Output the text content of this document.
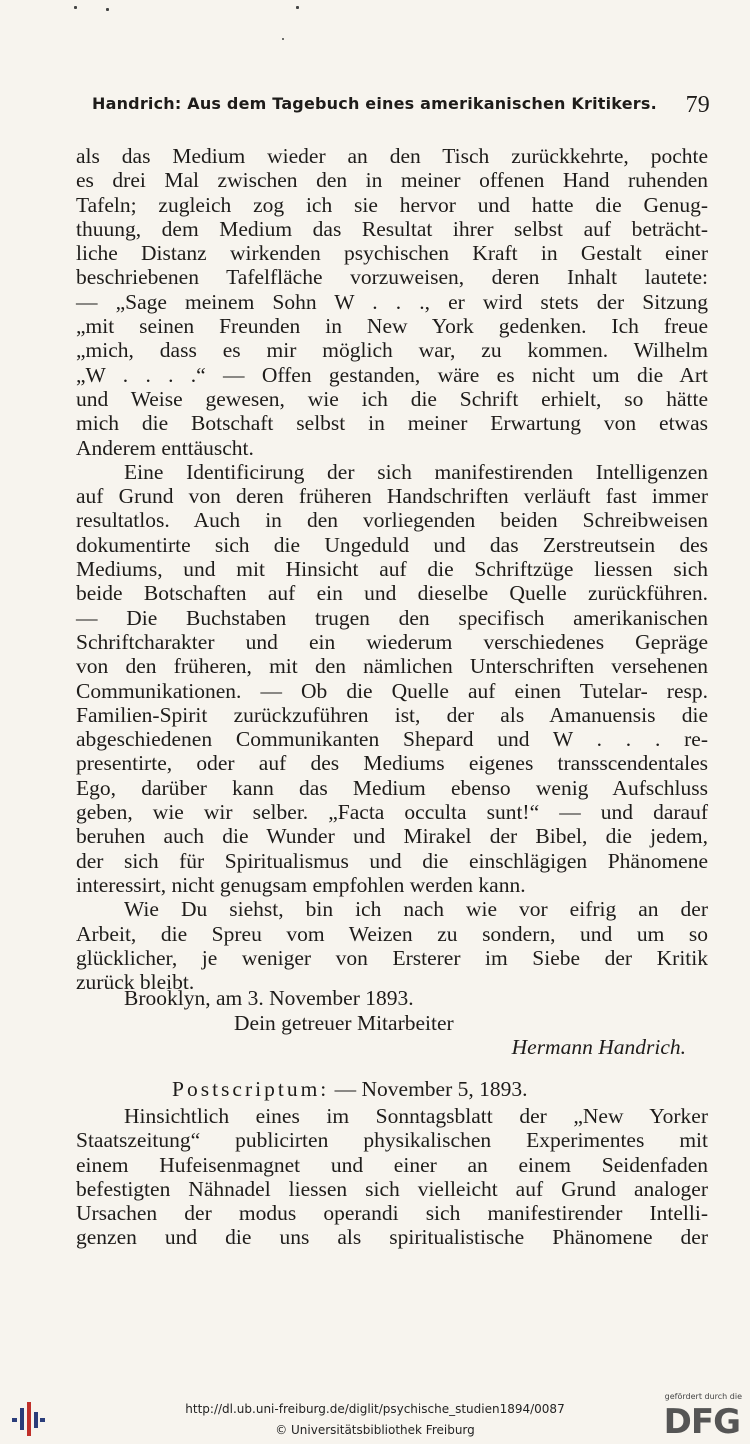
Handrich: Aus dem Tagebuch eines amerikanischen Kritikers. 79
als das Medium wieder an den Tisch zurückkehrte, pochte
es drei Mal zwischen den in meiner offenen Hand ruhenden
Tafeln; zugleich zog ich sie hervor und hatte die Genug-
thuung, dem Medium das Resultat ihrer selbst auf beträcht-
liche Distanz wirkenden psychischen Kraft in Gestalt einer
beschriebenen Tafelfläche vorzuweisen, deren Inhalt lautete:
— „Sage meinem Sohn W . . ., er wird stets der Sitzung
„mit seinen Freunden in New York gedenken. Ich freue
„mich, dass es mir möglich war, zu kommen. Wilhelm
„W . . . .“ — Offen gestanden, wäre es nicht um die Art
und Weise gewesen, wie ich die Schrift erhielt, so hätte
mich die Botschaft selbst in meiner Erwartung von etwas
Anderem enttäuscht.
Eine Identificirung der sich manifestirenden Intelligenzen
auf Grund von deren früheren Handschriften verläuft fast immer
resultatlos. Auch in den vorliegenden beiden Schreibweisen
dokumentirte sich die Ungeduld und das Zerstreutsein des
Mediums, und mit Hinsicht auf die Schriftzüge liessen sich
beide Botschaften auf ein und dieselbe Quelle zurückführen.
— Die Buchstaben trugen den specifisch amerikanischen
Schriftcharakter und ein wiederum verschiedenes Gepräge
von den früheren, mit den nämlichen Unterschriften versehenen
Communikationen. — Ob die Quelle auf einen Tutelar- resp.
Familien-Spirit zurückzuführen ist, der als Amanuensis die
abgeschiedenen Communikanten Shepard und W . . . re-
presentirte, oder auf des Mediums eigenes transscendentales
Ego, darüber kann das Medium ebenso wenig Aufschluss
geben, wie wir selber. „Facta occulta sunt!“ — und darauf
beruhen auch die Wunder und Mirakel der Bibel, die jedem,
der sich für Spiritualismus und die einschlägigen Phänomene
interessirt, nicht genugsam empfohlen werden kann.
Wie Du siehst, bin ich nach wie vor eifrig an der
Arbeit, die Spreu vom Weizen zu sondern, und um so
glücklicher, je weniger von Ersterer im Siebe der Kritik
zurück bleibt.
Brooklyn, am 3. November 1893.
Dein getreuer Mitarbeiter
Hermann Handrich.
Postscriptum: — November 5, 1893.
Hinsichtlich eines im Sonntagsblatt der „New Yorker
Staatszeitung“ publicirten physikalischen Experimentes mit
einem Hufeisenmagnet und einer an einem Seidenfaden
befestigten Nähnadel liessen sich vielleicht auf Grund analoger
Ursachen der modus operandi sich manifestirender Intelli-
genzen und die uns als spiritualistische Phänomene der
http://dl.ub.uni-freiburg.de/diglit/psychische_studien1894/0087
© Universitätsbibliothek Freiburg
gefördert durch die
DFG
